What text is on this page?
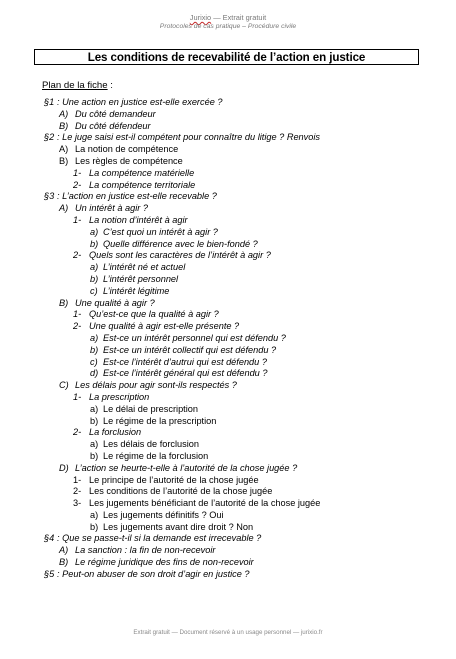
Jurixio — Extrait gratuit
Protocoles de cas pratique – Procédure civile
Les conditions de recevabilité de l’action en justice
Plan de la fiche :
§1 : Une action en justice est-elle exercée ?
A) Du côté demandeur
B) Du côté défendeur
§2 : Le juge saisi est-il compétent pour connaître du litige ? Renvois
A) La notion de compétence
B) Les règles de compétence
1- La compétence matérielle
2- La compétence territoriale
§3 : L’action en justice est-elle recevable ?
A) Un intérêt à agir ?
1- La notion d’intérêt à agir
a) C’est quoi un intérêt à agir ?
b) Quelle différence avec le bien-fondé ?
2- Quels sont les caractères de l’intérêt à agir ?
a) L’intérêt né et actuel
b) L’intérêt personnel
c) L’intérêt légitime
B) Une qualité à agir ?
1- Qu’est-ce que la qualité à agir ?
2- Une qualité à agir est-elle présente ?
a) Est-ce un intérêt personnel qui est défendu ?
b) Est-ce un intérêt collectif qui est défendu ?
c) Est-ce l’intérêt d’autrui qui est défendu ?
d) Est-ce l’intérêt général qui est défendu ?
C) Les délais pour agir sont-ils respectés ?
1- La prescription
a) Le délai de prescription
b) Le régime de la prescription
2- La forclusion
a) Les délais de forclusion
b) Le régime de la forclusion
D) L’action se heurte-t-elle à l’autorité de la chose jugée ?
1- Le principe de l’autorité de la chose jugée
2- Les conditions de l’autorité de la chose jugée
3- Les jugements bénéficiant de l’autorité de la chose jugée
a) Les jugements définitifs ? Oui
b) Les jugements avant dire droit ? Non
§4 : Que se passe-t-il si la demande est irrecevable ?
A) La sanction : la fin de non-recevoir
B) Le régime juridique des fins de non-recevoir
§5 : Peut-on abuser de son droit d’agir en justice ?
Extrait gratuit — Document réservé à un usage personnel — jurixio.fr
